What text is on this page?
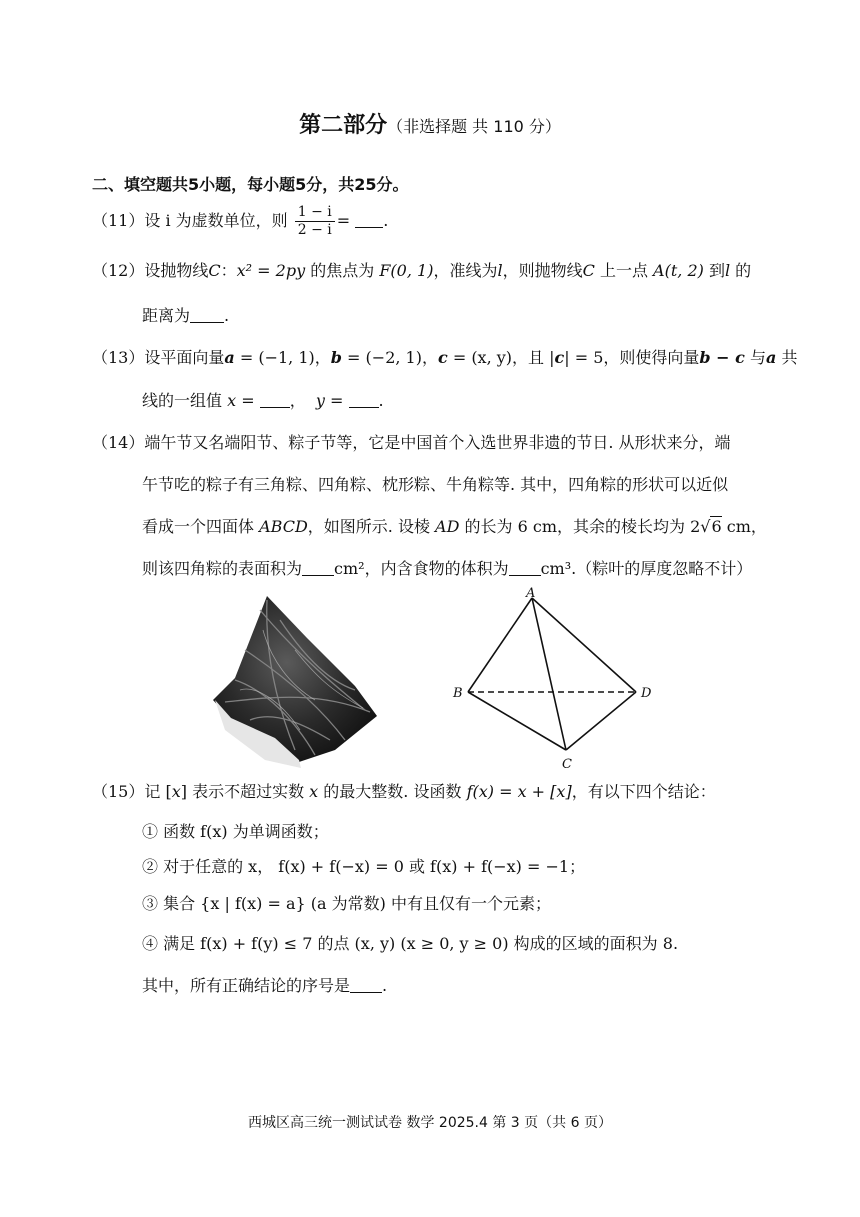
第二部分（非选择题 共 110 分）
二、填空题共5小题，每小题5分，共25分。
（11）设 i 为虚数单位，则 $\frac{1 - i}{2 - i}$ = .
（12）设抛物线C：x² = 2py 的焦点为 F(0, 1)，准线为l，则抛物线C 上一点 A(t, 2) 到l 的
距离为 .
（13）设平面向量a = (−1, 1)，b = (−2, 1)，c = (x, y)，且 |c| = 5，则使得向量b − c 与a 共
线的一组值 x = ， y = .
（14）端午节又名端阳节、粽子节等，它是中国首个入选世界非遗的节日. 从形状来分，端
午节吃的粽子有三角粽、四角粽、枕形粽、牛角粽等. 其中，四角粽的形状可以近似
看成一个四面体 ABCD，如图所示. 设棱 AD 的长为 6 cm，其余的棱长均为 2√6 cm，
则该四角粽的表面积为 cm²，内含食物的体积为 cm³.（粽叶的厚度忽略不计）
A
B
C
D
（15）记 [x] 表示不超过实数 x 的最大整数. 设函数 f(x) = x + [x]，有以下四个结论：
① 函数 f(x) 为单调函数；
② 对于任意的 x， f(x) + f(−x) = 0 或 f(x) + f(−x) = −1；
③ 集合 {x | f(x) = a} (a 为常数) 中有且仅有一个元素；
④ 满足 f(x) + f(y) ≤ 7 的点 (x, y) (x ≥ 0, y ≥ 0) 构成的区域的面积为 8.
其中，所有正确结论的序号是 .
西城区高三统一测试试卷 数学 2025.4 第 3 页（共 6 页）
